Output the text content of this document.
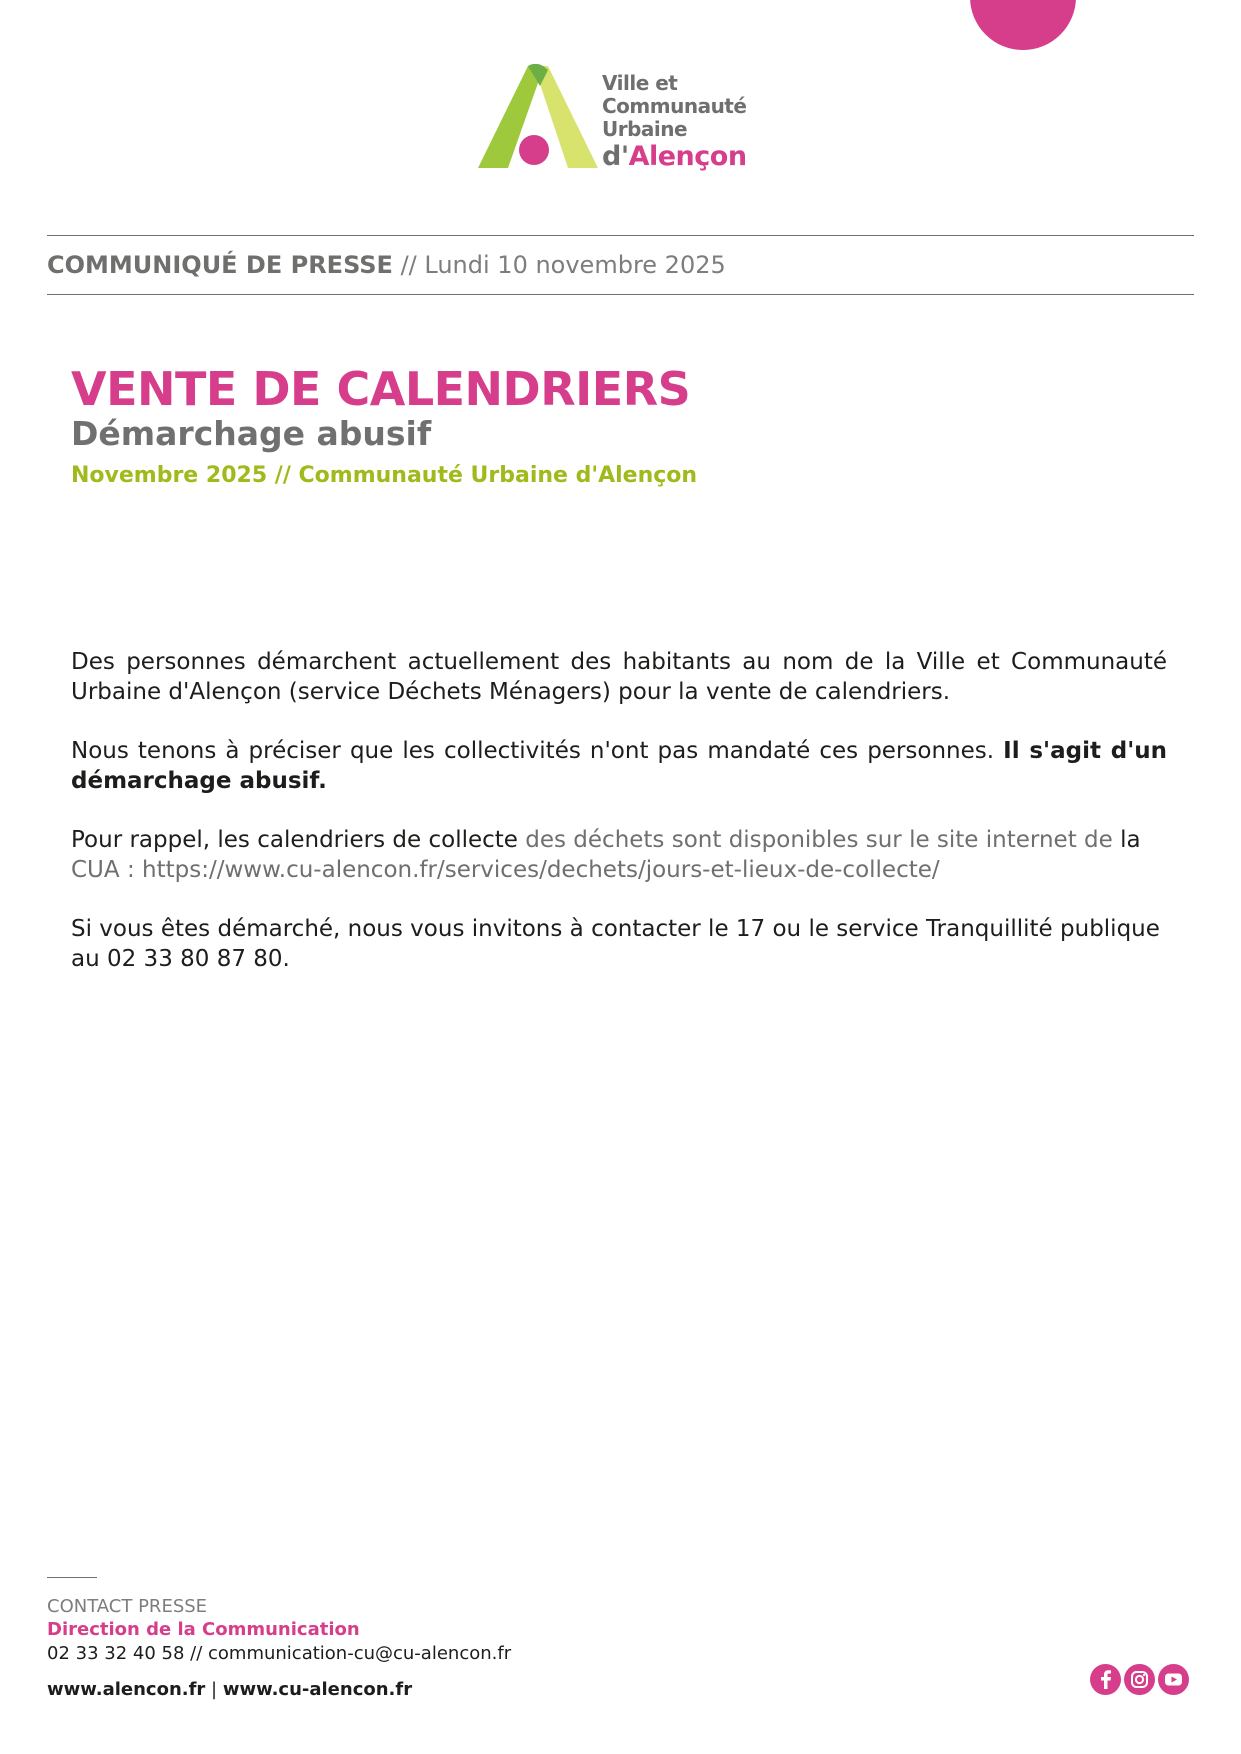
Ville et
Communauté
Urbaine
d'Alençon
COMMUNIQUÉ DE PRESSE // Lundi 10 novembre 2025
VENTE DE CALENDRIERS
Démarchage abusif
Novembre 2025 // Communauté Urbaine d'Alençon
Des personnes démarchent actuellement des habitants au nom de la Ville et Communauté Urbaine d'Alençon (service Déchets Ménagers) pour la vente de calendriers.
Nous tenons à préciser que les collectivités n'ont pas mandaté ces personnes. Il s'agit d'un démarchage abusif.
Pour rappel, les calendriers de collecte des déchets sont disponibles sur le site internet de la CUA : https://www.cu-alencon.fr/services/dechets/jours-et-lieux-de-collecte/
Si vous êtes démarché, nous vous invitons à contacter le 17 ou le service Tranquillité publique au 02 33 80 87 80.
CONTACT PRESSE
Direction de la Communication
02 33 32 40 58 // communication-cu@cu-alencon.fr
www.alencon.fr | www.cu-alencon.fr
